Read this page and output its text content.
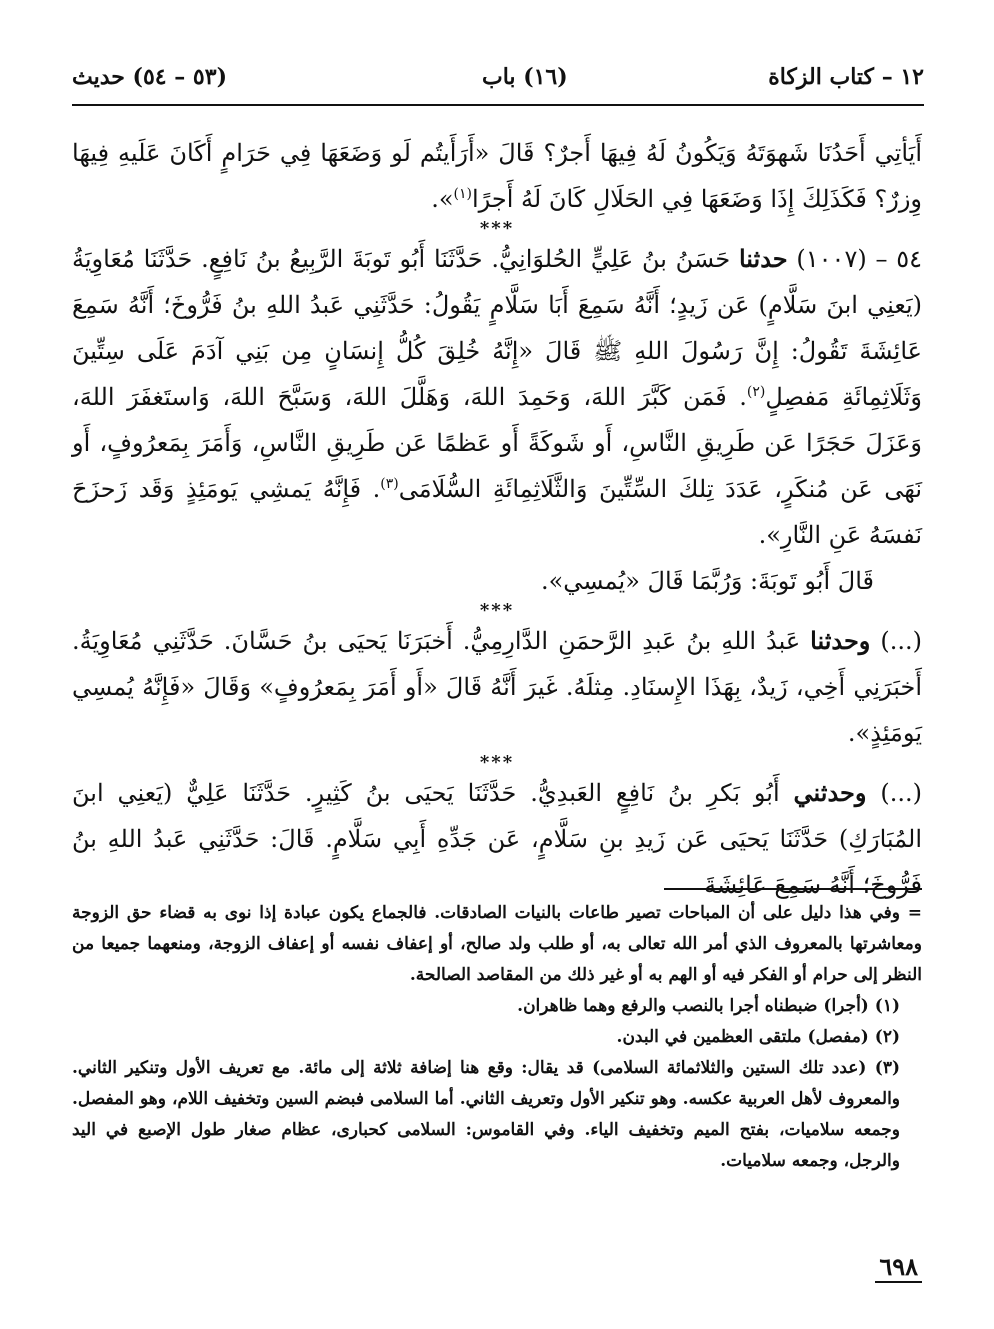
١٢ – كتاب الزكاة
(١٦) باب
(٥٣ – ٥٤) حديث

أَيَأتِي أَحَدُنَا شَهوَتَهُ وَيَكُونُ لَهُ فِيهَا أَجرٌ؟ قَالَ «أَرَأَيتُم لَو وَضَعَهَا فِي حَرَامٍ أَكَانَ عَلَيهِ فِيهَا وِزرٌ؟ فَكَذَلِكَ إِذَا وَضَعَهَا فِي الحَلَالِ كَانَ لَهُ أَجرًا$^{(١)}$».

***

٥٤ – (١٠٠٧) حدثنا حَسَنُ بنُ عَلِيٍّ الحُلوَانِيُّ. حَدَّثَنَا أَبُو تَوبَةَ الرَّبِيعُ بنُ نَافِعٍ. حَدَّثَنَا مُعَاوِيَةُ (يَعنِي ابنَ سَلَّامٍ) عَن زَيدٍ؛ أَنَّهُ سَمِعَ أَبَا سَلَّامٍ يَقُولُ: حَدَّثَنِي عَبدُ اللهِ بنُ فَرُّوخَ؛ أَنَّهُ سَمِعَ عَائِشَةَ تَقُولُ: إِنَّ رَسُولَ اللهِ ﷺ قَالَ «إِنَّهُ خُلِقَ كُلُّ إِنسَانٍ مِن بَنِي آدَمَ عَلَى سِتِّينَ وَثَلَاثِمِائَةِ مَفصِلٍ$^{(٢)}$. فَمَن كَبَّرَ اللهَ، وَحَمِدَ اللهَ، وَهَلَّلَ اللهَ، وَسَبَّحَ اللهَ، وَاستَغفَرَ اللهَ، وَعَزَلَ حَجَرًا عَن طَرِيقِ النَّاسِ، أَو شَوكَةً أَو عَظمًا عَن طَرِيقِ النَّاسِ، وَأَمَرَ بِمَعرُوفٍ، أَو نَهَى عَن مُنكَرٍ، عَدَدَ تِلكَ السِّتِّينَ وَالثَّلَاثِمِائَةِ السُّلَامَى$^{(٣)}$. فَإِنَّهُ يَمشِي يَومَئِذٍ وَقَد زَحزَحَ نَفسَهُ عَنِ النَّارِ».

قَالَ أَبُو تَوبَةَ: وَرُبَّمَا قَالَ «يُمسِي».

***

(...) وحدثنا عَبدُ اللهِ بنُ عَبدِ الرَّحمَنِ الدَّارِمِيُّ. أَخبَرَنَا يَحيَى بنُ حَسَّانَ. حَدَّثَنِي مُعَاوِيَةُ. أَخبَرَنِي أَخِي، زَيدٌ، بِهَذَا الإِسنَادِ. مِثلَهُ. غَيرَ أَنَّهُ قَالَ «أَو أَمَرَ بِمَعرُوفٍ» وَقَالَ «فَإِنَّهُ يُمسِي يَومَئِذٍ».

***

(...) وحدثني أَبُو بَكرِ بنُ نَافِعٍ العَبدِيُّ. حَدَّثَنَا يَحيَى بنُ كَثِيرٍ. حَدَّثَنَا عَلِيٌّ (يَعنِي ابنَ المُبَارَكِ) حَدَّثَنَا يَحيَى عَن زَيدِ بنِ سَلَّامٍ، عَن جَدِّهِ أَبِي سَلَّامٍ. قَالَ: حَدَّثَنِي عَبدُ اللهِ بنُ فَرُّوخَ؛ أَنَّهُ سَمِعَ عَائِشَةَ

= وفي هذا دليل على أن المباحات تصير طاعات بالنيات الصادقات. فالجماع يكون عبادة إذا نوى به قضاء حق الزوجة ومعاشرتها بالمعروف الذي أمر الله تعالى به، أو طلب ولد صالح، أو إعفاف نفسه أو إعفاف الزوجة، ومنعهما جميعا من النظر إلى حرام أو الفكر فيه أو الهم به أو غير ذلك من المقاصد الصالحة.

(١) (أجرا) ضبطناه أجرا بالنصب والرفع وهما ظاهران.

(٢) (مفصل) ملتقى العظمين في البدن.

(٣) (عدد تلك الستين والثلاثمائة السلامى) قد يقال: وقع هنا إضافة ثلاثة إلى مائة. مع تعريف الأول وتنكير الثاني. والمعروف لأهل العربية عكسه. وهو تنكير الأول وتعريف الثاني. أما السلامى فبضم السين وتخفيف اللام، وهو المفصل. وجمعه سلاميات، بفتح الميم وتخفيف الياء. وفي القاموس: السلامى كحبارى، عظام صغار طول الإصبع في اليد والرجل، وجمعه سلاميات.

٦٩٨
